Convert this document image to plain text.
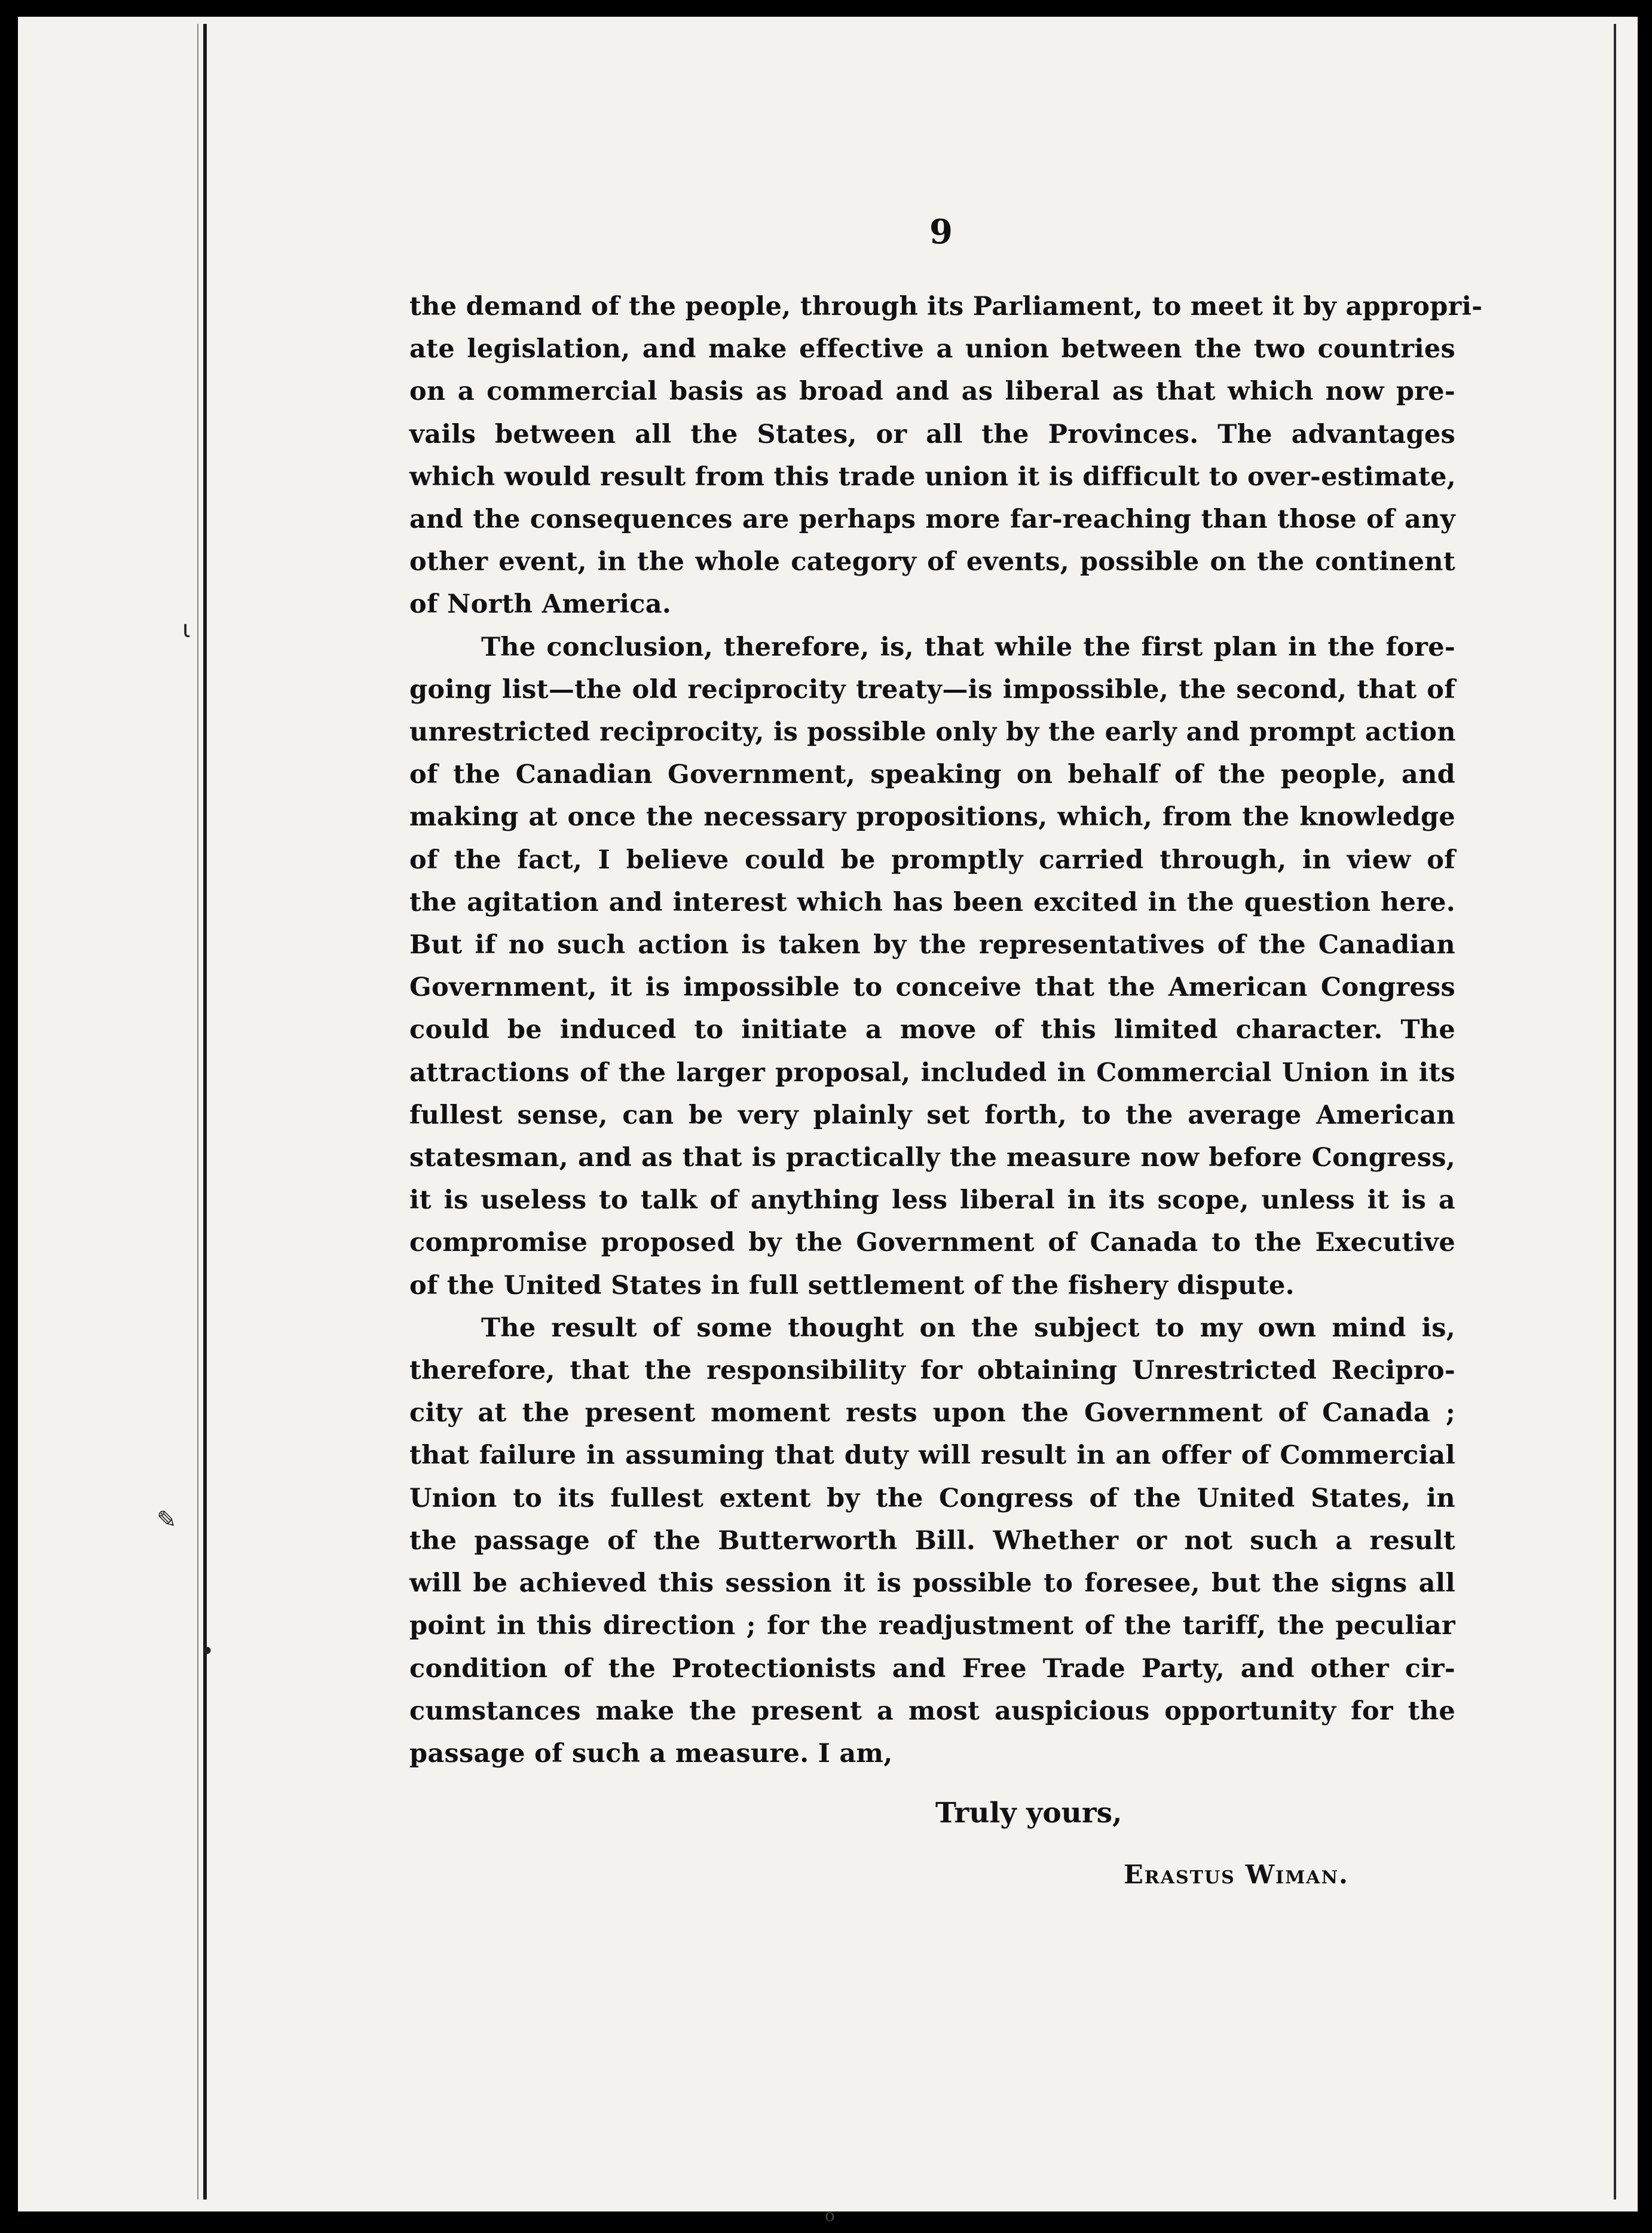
ι
✎
•
9
the demand of the people, through its Parliament, to meet it by appropri-
ate legislation, and make effective a union between the two countries
on a commercial basis as broad and as liberal as that which now pre-
vails between all the States, or all the Provinces. The advantages
which would result from this trade union it is difficult to over-estimate,
and the consequences are perhaps more far-reaching than those of any
other event, in the whole category of events, possible on the continent
of North America.
The conclusion, therefore, is, that while the first plan in the fore-
going list—the old reciprocity treaty—is impossible, the second, that of
unrestricted reciprocity, is possible only by the early and prompt action
of the Canadian Government, speaking on behalf of the people, and
making at once the necessary propositions, which, from the knowledge
of the fact, I believe could be promptly carried through, in view of
the agitation and interest which has been excited in the question here.
But if no such action is taken by the representatives of the Canadian
Government, it is impossible to conceive that the American Congress
could be induced to initiate a move of this limited character. The
attractions of the larger proposal, included in Commercial Union in its
fullest sense, can be very plainly set forth, to the average American
statesman, and as that is practically the measure now before Congress,
it is useless to talk of anything less liberal in its scope, unless it is a
compromise proposed by the Government of Canada to the Executive
of the United States in full settlement of the fishery dispute.
The result of some thought on the subject to my own mind is,
therefore, that the responsibility for obtaining Unrestricted Recipro-
city at the present moment rests upon the Government of Canada ;
that failure in assuming that duty will result in an offer of Commercial
Union to its fullest extent by the Congress of the United States, in
the passage of the Butterworth Bill. Whether or not such a result
will be achieved this session it is possible to foresee, but the signs all
point in this direction ; for the readjustment of the tariff, the peculiar
condition of the Protectionists and Free Trade Party, and other cir-
cumstances make the present a most auspicious opportunity for the
passage of such a measure. I am,
Truly yours,
Erastus Wiman.
o
